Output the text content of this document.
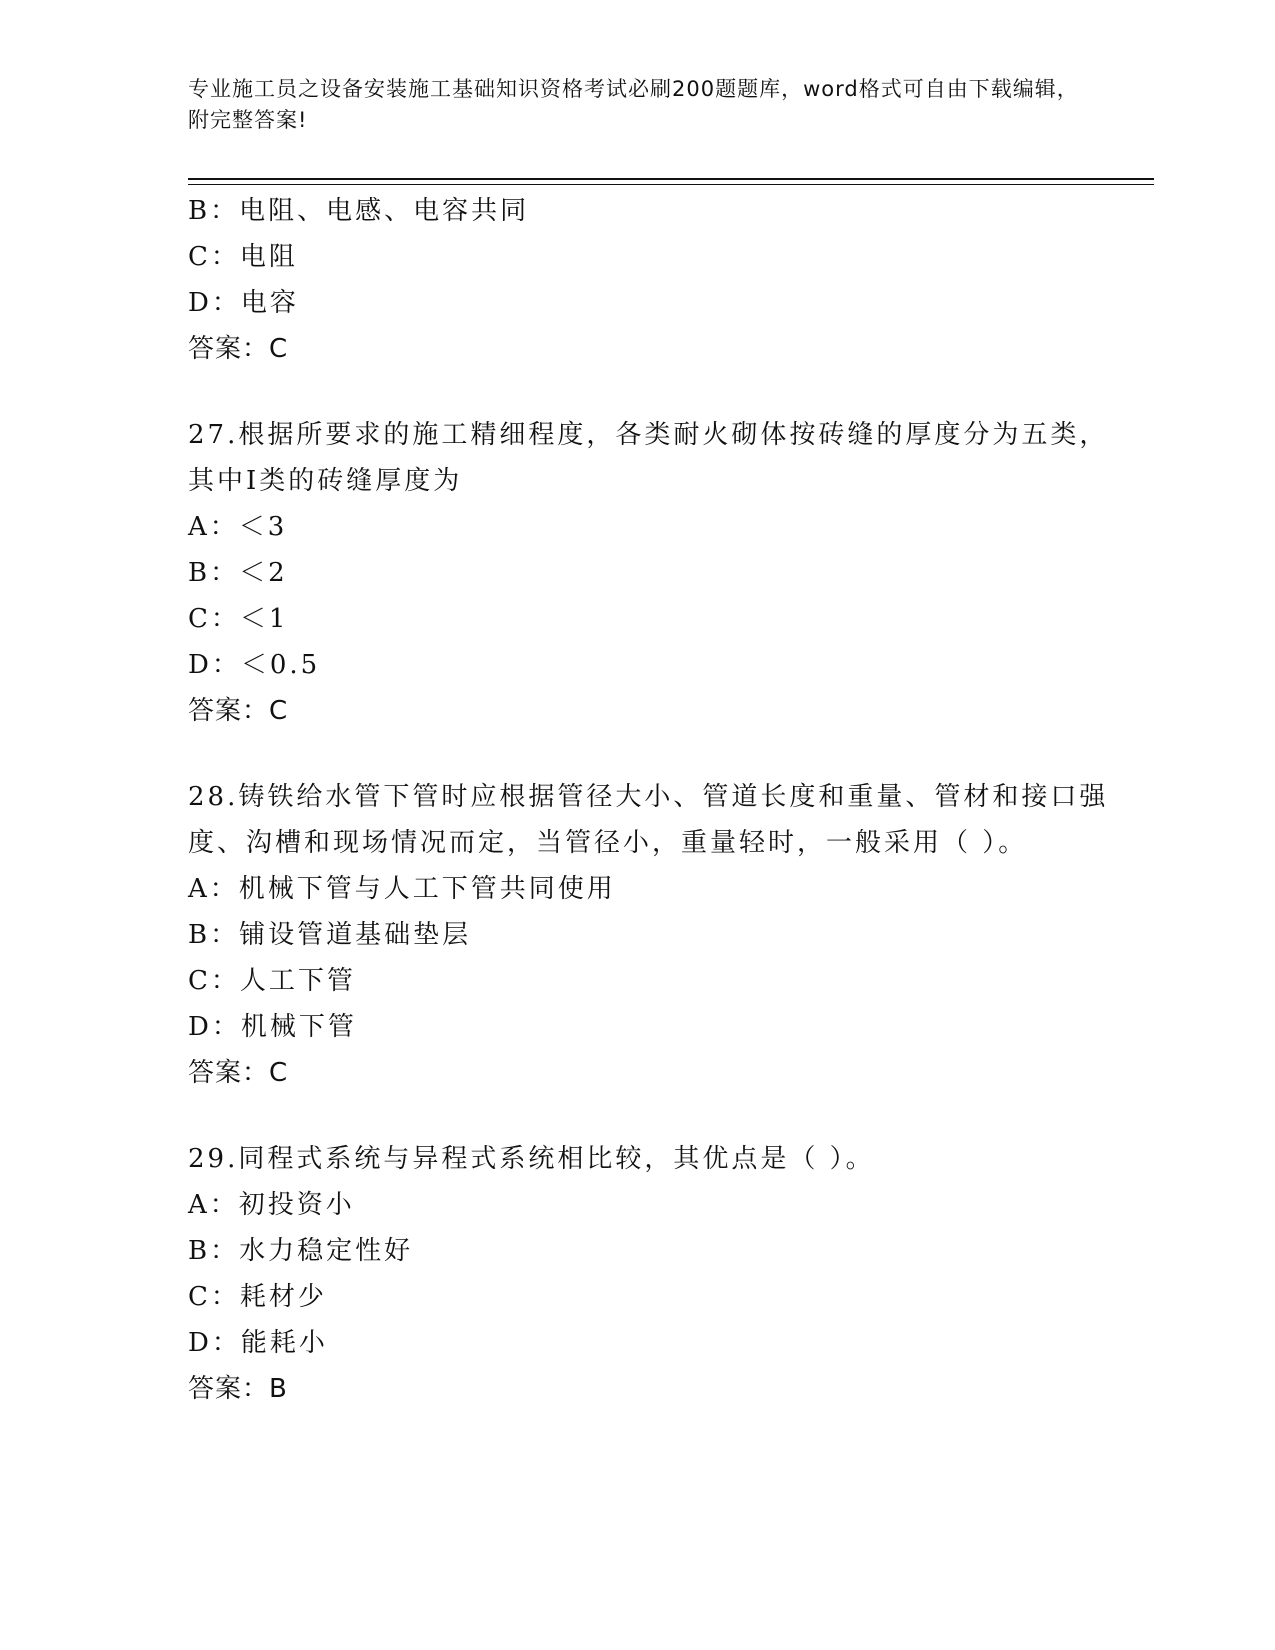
专业施工员之设备安装施工基础知识资格考试必刷200题题库，word格式可自由下载编辑，附完整答案!
B：电阻、电感、电容共同
C：电阻
D：电容
答案：C
27.根据所要求的施工精细程度，各类耐火砌体按砖缝的厚度分为五类，其中Ⅰ类的砖缝厚度为
A：＜3
B：＜2
C：＜1
D：＜0.5
答案：C
28.铸铁给水管下管时应根据管径大小、管道长度和重量、管材和接口强度、沟槽和现场情况而定，当管径小，重量轻时，一般采用（ ）。
A：机械下管与人工下管共同使用
B：铺设管道基础垫层
C：人工下管
D：机械下管
答案：C
29.同程式系统与异程式系统相比较，其优点是（ ）。
A：初投资小
B：水力稳定性好
C：耗材少
D：能耗小
答案：B
